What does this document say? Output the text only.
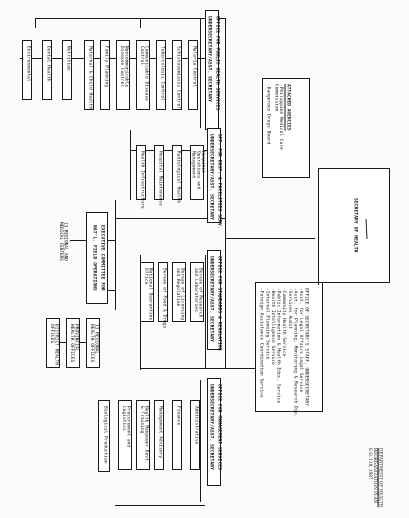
OFFICE FOR PUBLIC HEALTH SERVICES
UNDERSECRETARY/ASST. SECRETARY
Malaria Control
Schistosomiasis Control
Tuberculosis Control
Communicable Disease Control
Noncommunicable Disease Control
Family Planning
Maternal & Child Health
Nutrition
Dental Health
Environmental
OFF. FOR HOSP. & FACILITIES SERV.
UNDERSECRETARY/ASST. SECRETARY
Hospital Operations and Management
Radiological Health
Hospital Maintenance
Health Infrastructure
ATTACHED AGENCIES
-Philippine Medical Care Commission
-Dangerous Drugs Board
SECRETARY OF HEALTH
OFFICE OF SECRETARY'S STAFF, UNDERSECRETARY
-Asst. for Legal Affairs Legal Service
-Asst. for Planning, Monitoring & Research Div.
-Services Audit
-Community Health Service
-Public Information & Health Educ. Service
-Health Intelligence Service
-Internal Planning Service
-Foreign Assistance Coordination Service
EXECUTIVE COMMITTEE FOR
NAT'L. FIELD OPERATIONS
13 REGIONAL AND MEDICAL CENTERS
13 REGIONAL HEALTH OFFICES
PROVINCIAL HEALTH OFFICES
DISTRICT HEALTH OFFICES	OFFICE FOR STANDARDS & REGULATION
UNDERSECRETARY/ASST. SECRETARY
Bureau of Research and Laboratories
Bureau of Licensing and Regulation
Bureau of Food & Drugs
National Quarantine Office
OFFICE FOR MANAGEMENT SERVICES
UNDERSECRETARY/ASST. SECRETARY
Administrative
Finance
Management Advisory
Health Manpower Devt. & Training
Procurement and Logistics
Biological Production
DEPARTMENT OF HEALTH
REORGANIZATION PLAN
E.O. 119, 1987
